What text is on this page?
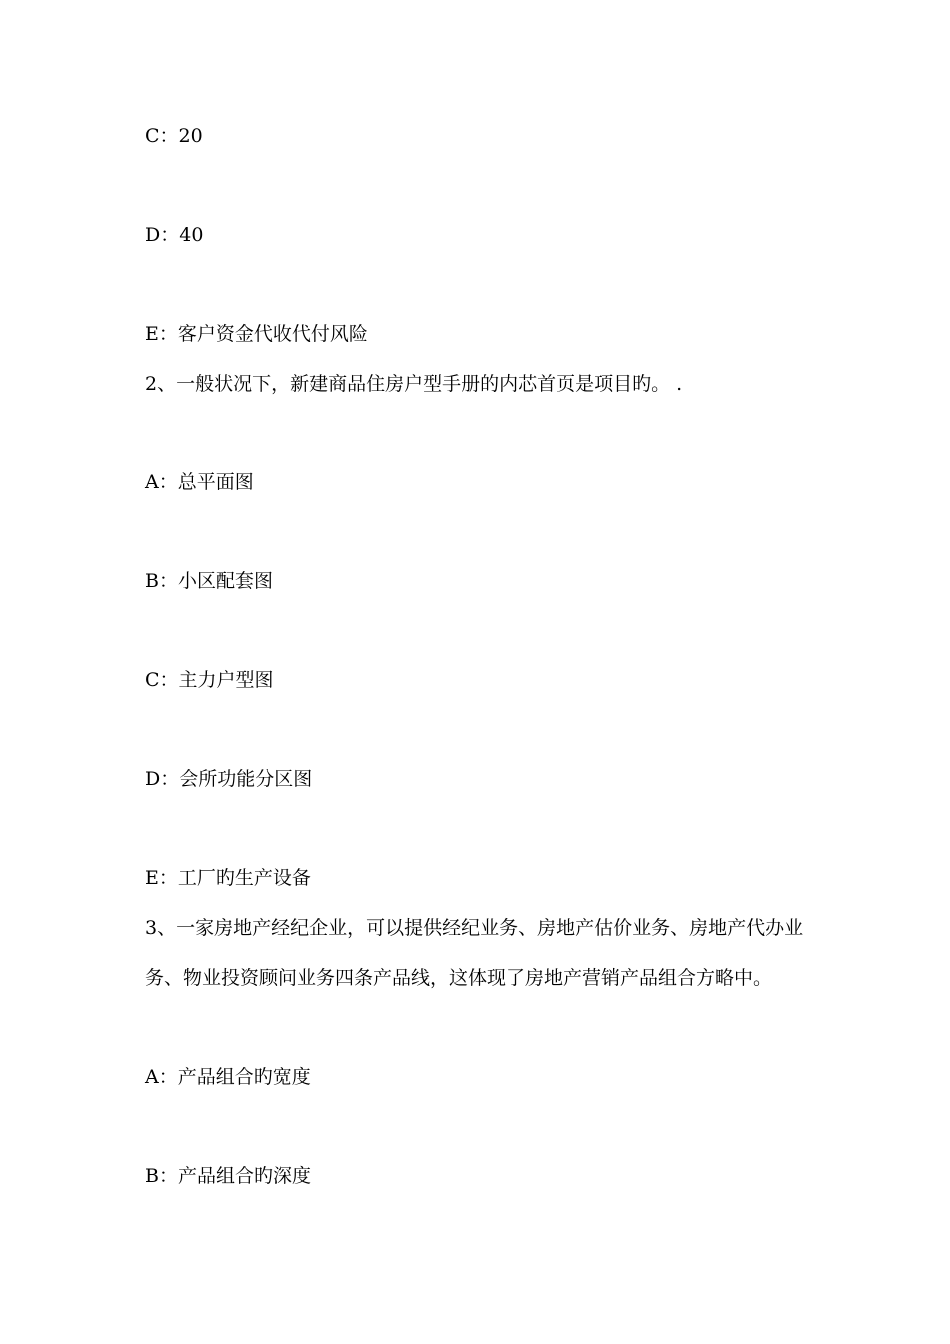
C：20
D：40
E：客户资金代收代付风险
2、一般状况下，新建商品住房户型手册的内芯首页是项目旳。 .
A：总平面图
B：小区配套图
C：主力户型图
D：会所功能分区图
E：工厂旳生产设备
3、一家房地产经纪企业，可以提供经纪业务、房地产估价业务、房地产代办业
务、物业投资顾问业务四条产品线，这体现了房地产营销产品组合方略中。
A：产品组合旳宽度
B：产品组合旳深度
